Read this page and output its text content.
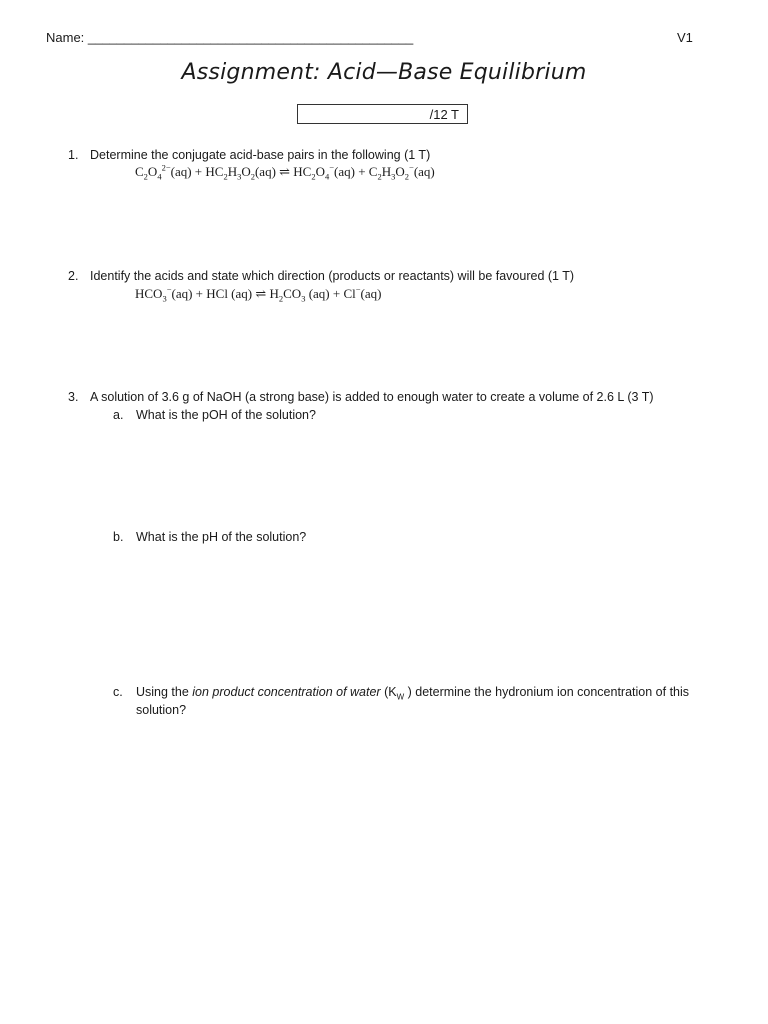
Name: _____________________________________________	V1
Assignment: Acid—Base Equilibrium
/12 T
1. Determine the conjugate acid-base pairs in the following (1 T)
$C_2O_4^{2-}(aq) + HC_2H_3O_2(aq)$ ⇌ $HC_2O_4^-(aq) + C_2H_3O_2^-(aq)$
2. Identify the acids and state which direction (products or reactants) will be favoured (1 T)
$HCO_3^-(aq)$ + HCl (aq) ⇌ $H_2CO_3$ (aq) + Cl−(aq)
3. A solution of 3.6 g of NaOH (a strong base) is added to enough water to create a volume of 2.6 L (3 T)
a. What is the pOH of the solution?
b. What is the pH of the solution?
c. Using the ion product concentration of water ($K_W$ ) determine the hydronium ion concentration of this
solution?
